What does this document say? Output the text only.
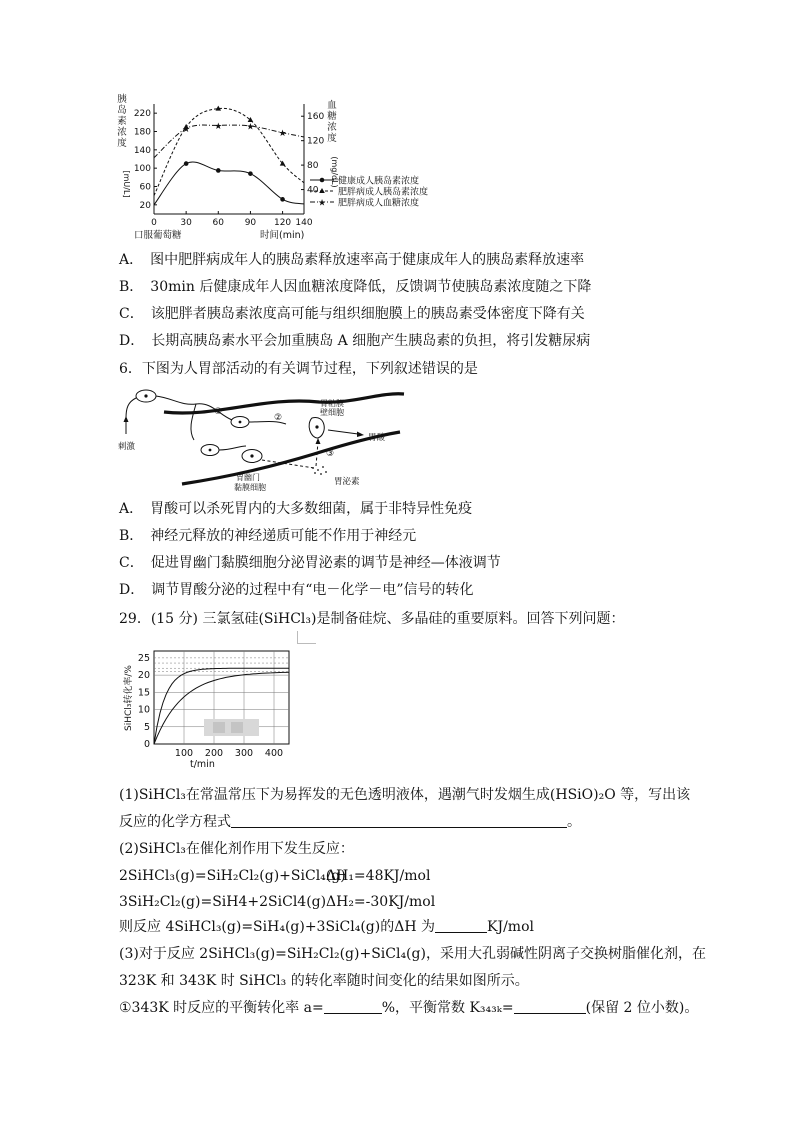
胰
岛
素
浓
度
[mU/L]
血
糖
浓
度
(mg/dL)
220
180
140
100
60
20
160
120
80
40
0	30 60 90 120 140
口服葡萄糖	时间(min)
★	★	★
★
健康成人胰岛素浓度
肥胖病成人胰岛素浓度
★ 肥胖病成人血糖浓度
A．　图中肥胖病成年人的胰岛素释放速率高于健康成年人的胰岛素释放速率
B．　30min 后健康成年人因血糖浓度降低，反馈调节使胰岛素浓度随之下降
C．　该肥胖者胰岛素浓度高可能与组织细胞膜上的胰岛素受体密度下降有关
D．　长期高胰岛素水平会加重胰岛 A 细胞产生胰岛素的负担，将引发糖尿病
6．下图为人胃部活动的有关调节过程，下列叙述错误的是
刺激
①
②
胃幽门
黏膜细胞
胃粘膜
壁细胞
胃酸
③
胃泌素
A．　胃酸可以杀死胃内的大多数细菌，属于非特异性免疫
B．　神经元释放的神经递质可能不作用于神经元
C．　促进胃幽门黏膜细胞分泌胃泌素的调节是神经—体液调节
D．　调节胃酸分泌的过程中有“电－化学－电”信号的转化
29．(15 分) 三氯氢硅(SiHCl₃)是制备硅烷、多晶硅的重要原料。回答下列问题：
SiHCl₃转化率/%
25
20
15
10
5
0
100 200 300 400
t/min
(1)SiHCl₃在常温常压下为易挥发的无色透明液体，遇潮气时发烟生成(HSiO)₂O 等，写出该
反应的化学方程式	。
(2)SiHCl₃在催化剂作用下发生反应：
2SiHCl₃(g)=SiH₂Cl₂(g)+SiCl₄(g)
ΔH₁=48KJ/mol
3SiH₂Cl₂(g)=SiH4+2SiCl4(g) ΔH₂=-30KJ/mol
则反应 4SiHCl₃(g)=SiH₄(g)+3SiCl₄(g)的ΔH 为	KJ/mol
(3)对于反应 2SiHCl₃(g)=SiH₂Cl₂(g)+SiCl₄(g)，采用大孔弱碱性阴离子交换树脂催化剂，在
323K 和 343K 时 SiHCl₃ 的转化率随时间变化的结果如图所示。
①343K 时反应的平衡转化率 a=	%，平衡常数 K₃₄₃ₖ=	(保留 2 位小数)。
